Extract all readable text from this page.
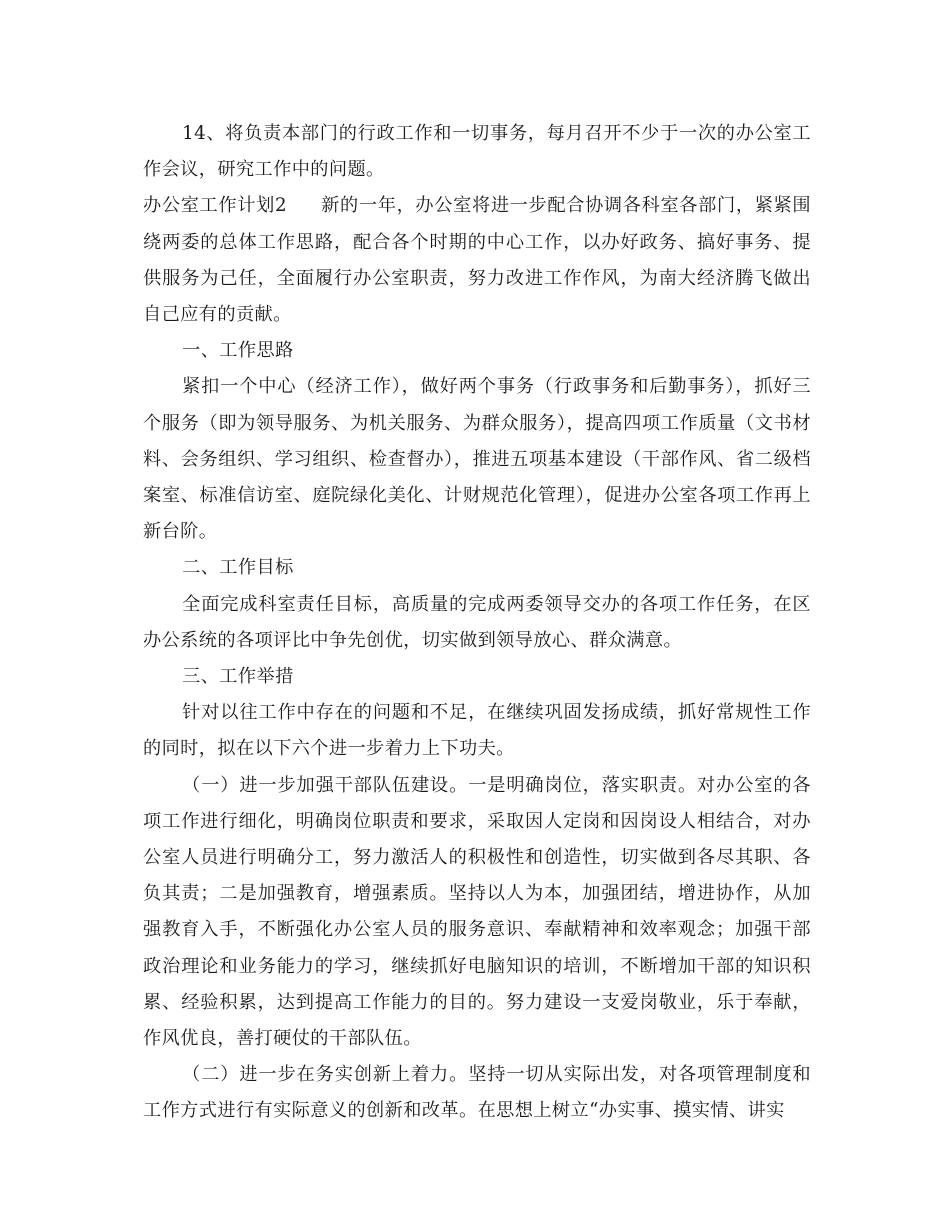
14、将负责本部门的行政工作和一切事务，每月召开不少于一次的办公室工作会议，研究工作中的问题。

办公室工作计划2 新的一年，办公室将进一步配合协调各科室各部门，紧紧围绕两委的总体工作思路，配合各个时期的中心工作，以办好政务、搞好事务、提供服务为己任，全面履行办公室职责，努力改进工作作风，为南大经济腾飞做出自己应有的贡献。

一、工作思路

紧扣一个中心（经济工作），做好两个事务（行政事务和后勤事务），抓好三个服务（即为领导服务、为机关服务、为群众服务），提高四项工作质量（文书材料、会务组织、学习组织、检查督办），推进五项基本建设（干部作风、省二级档案室、标准信访室、庭院绿化美化、计财规范化管理），促进办公室各项工作再上新台阶。

二、工作目标

全面完成科室责任目标，高质量的完成两委领导交办的各项工作任务，在区办公系统的各项评比中争先创优，切实做到领导放心、群众满意。

三、工作举措

针对以往工作中存在的问题和不足，在继续巩固发扬成绩，抓好常规性工作的同时，拟在以下六个进一步着力上下功夫。

（一）进一步加强干部队伍建设。一是明确岗位，落实职责。对办公室的各项工作进行细化，明确岗位职责和要求，采取因人定岗和因岗设人相结合，对办公室人员进行明确分工，努力激活人的积极性和创造性，切实做到各尽其职、各负其责；二是加强教育，增强素质。坚持以人为本，加强团结，增进协作，从加强教育入手，不断强化办公室人员的服务意识、奉献精神和效率观念；加强干部政治理论和业务能力的学习，继续抓好电脑知识的培训，不断增加干部的知识积累、经验积累，达到提高工作能力的目的。努力建设一支爱岗敬业，乐于奉献，作风优良，善打硬仗的干部队伍。

（二）进一步在务实创新上着力。坚持一切从实际出发，对各项管理制度和工作方式进行有实际意义的创新和改革。在思想上树立“办实事、摸实情、讲实
